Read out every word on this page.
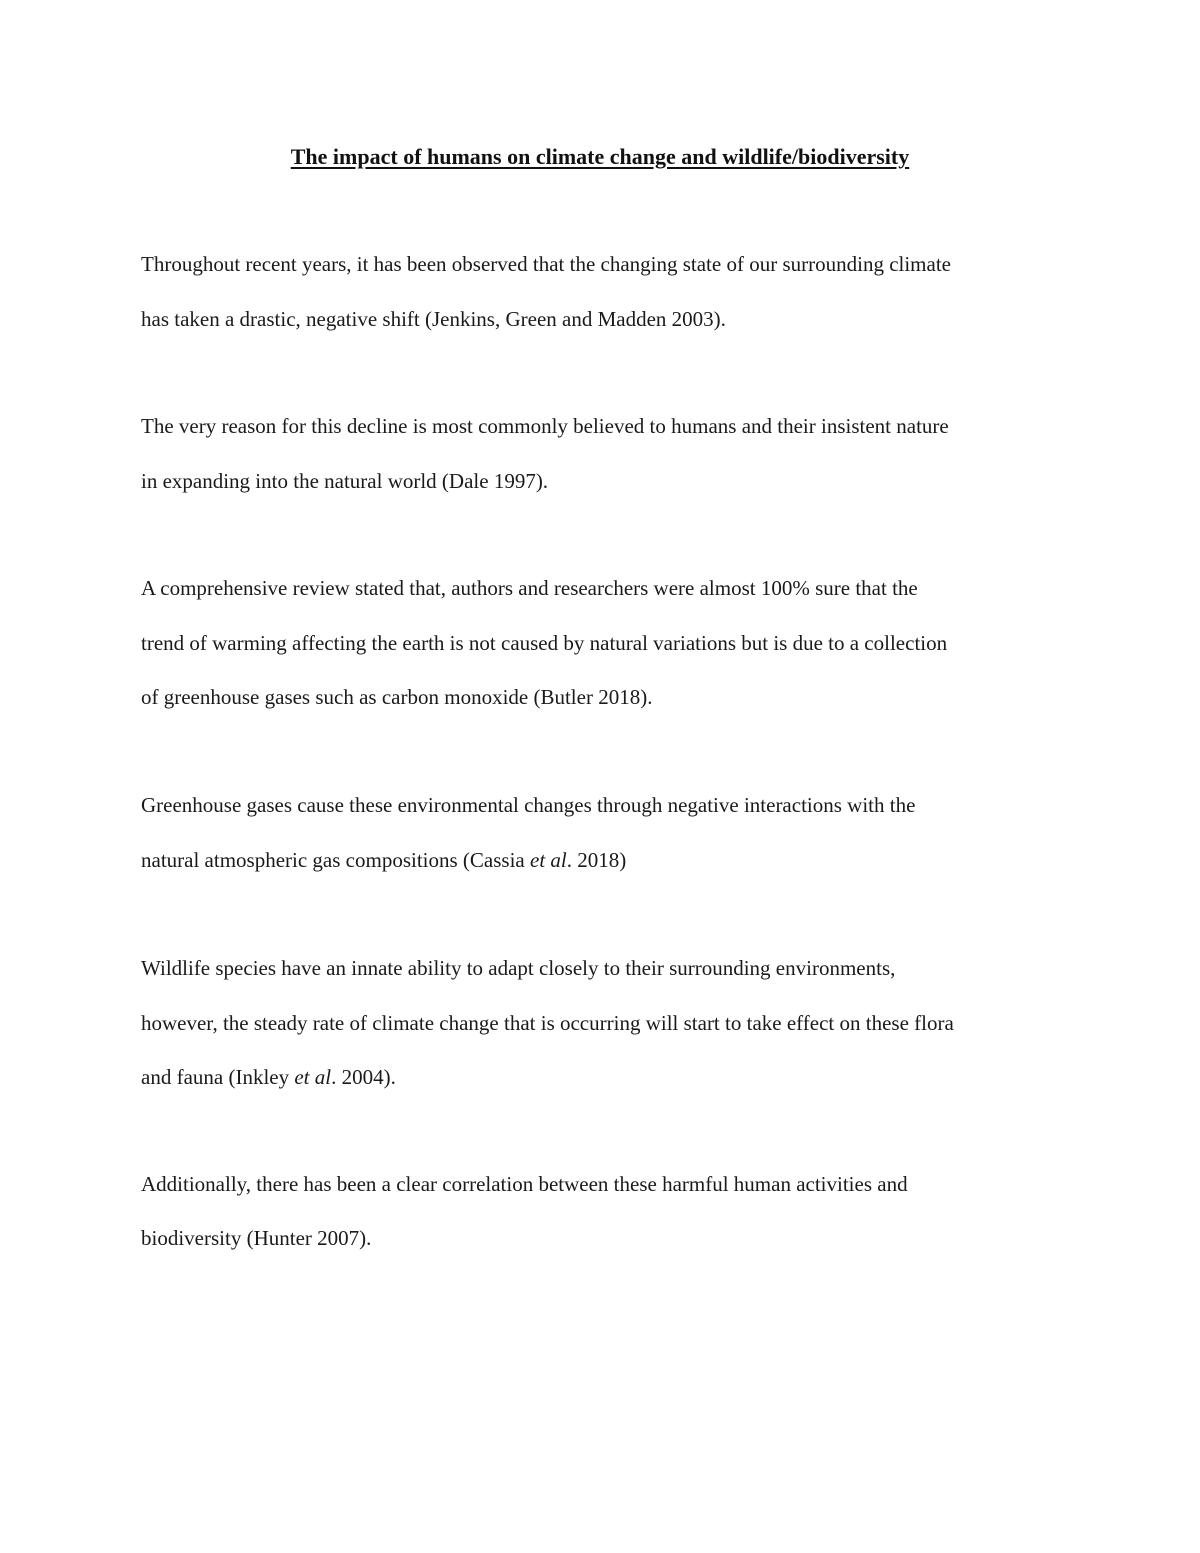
The impact of humans on climate change and wildlife/biodiversity

Throughout recent years, it has been observed that the changing state of our surrounding climate

has taken a drastic, negative shift (Jenkins, Green and Madden 2003).

The very reason for this decline is most commonly believed to humans and their insistent nature

in expanding into the natural world (Dale 1997).

A comprehensive review stated that, authors and researchers were almost 100% sure that the

trend of warming affecting the earth is not caused by natural variations but is due to a collection

of greenhouse gases such as carbon monoxide (Butler 2018).

Greenhouse gases cause these environmental changes through negative interactions with the

natural atmospheric gas compositions (Cassia et al. 2018)

Wildlife species have an innate ability to adapt closely to their surrounding environments,

however, the steady rate of climate change that is occurring will start to take effect on these flora

and fauna (Inkley et al. 2004).

Additionally, there has been a clear correlation between these harmful human activities and

biodiversity (Hunter 2007).
